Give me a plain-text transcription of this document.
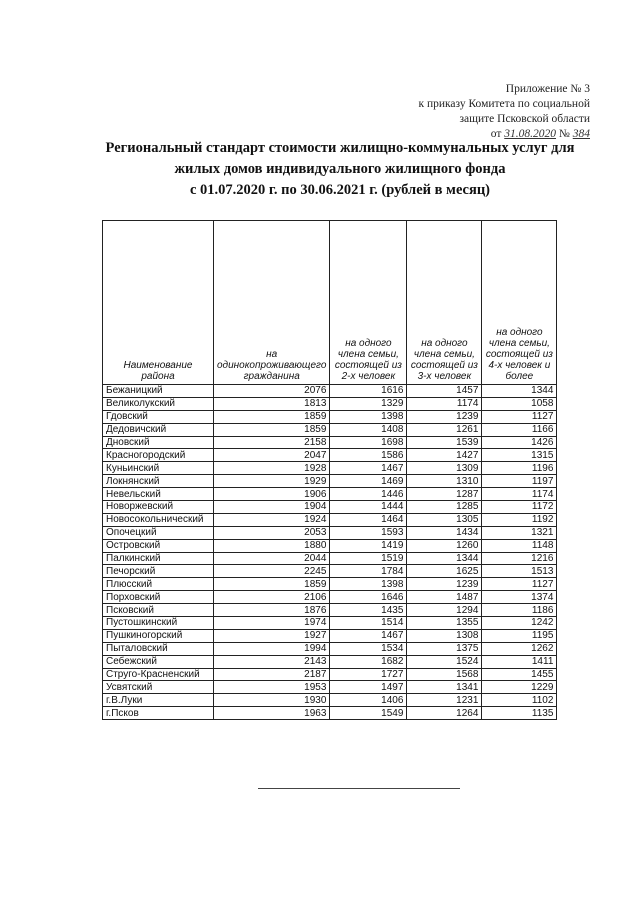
Приложение № 3
к приказу Комитета по социальной
защите Псковской области
от 31.08.2020 № 384
Региональный стандарт стоимости жилищно-коммунальных услуг для
жилых домов индивидуального жилищного фонда
с 01.07.2020 г. по 30.06.2021 г. (рублей в месяц)
Наименование района	на одинокопроживающего гражданина	на одного члена семьи, состоящей из 2-х человек	на одного члена семьи, состоящей из 3-х человек	на одного члена семьи, состоящей из 4-х человек и более
Бежаницкий	2076	1616	1457	1344
Великолукский	1813	1329	1174	1058
Гдовский	1859	1398	1239	1127
Дедовичский	1859	1408	1261	1166
Дновский	2158	1698	1539	1426
Красногородский	2047	1586	1427	1315
Куньинский	1928	1467	1309	1196
Локнянский	1929	1469	1310	1197
Невельский	1906	1446	1287	1174
Новоржевский	1904	1444	1285	1172
Новосокольнический	1924	1464	1305	1192
Опочецкий	2053	1593	1434	1321
Островский	1880	1419	1260	1148
Палкинский	2044	1519	1344	1216
Печорский	2245	1784	1625	1513
Плюсский	1859	1398	1239	1127
Порховский	2106	1646	1487	1374
Псковский	1876	1435	1294	1186
Пустошкинский	1974	1514	1355	1242
Пушкиногорский	1927	1467	1308	1195
Пыталовский	1994	1534	1375	1262
Себежский	2143	1682	1524	1411
Струго-Красненский	2187	1727	1568	1455
Усвятский	1953	1497	1341	1229
г.В.Луки	1930	1406	1231	1102
г.Псков	1963	1549	1264	1135
